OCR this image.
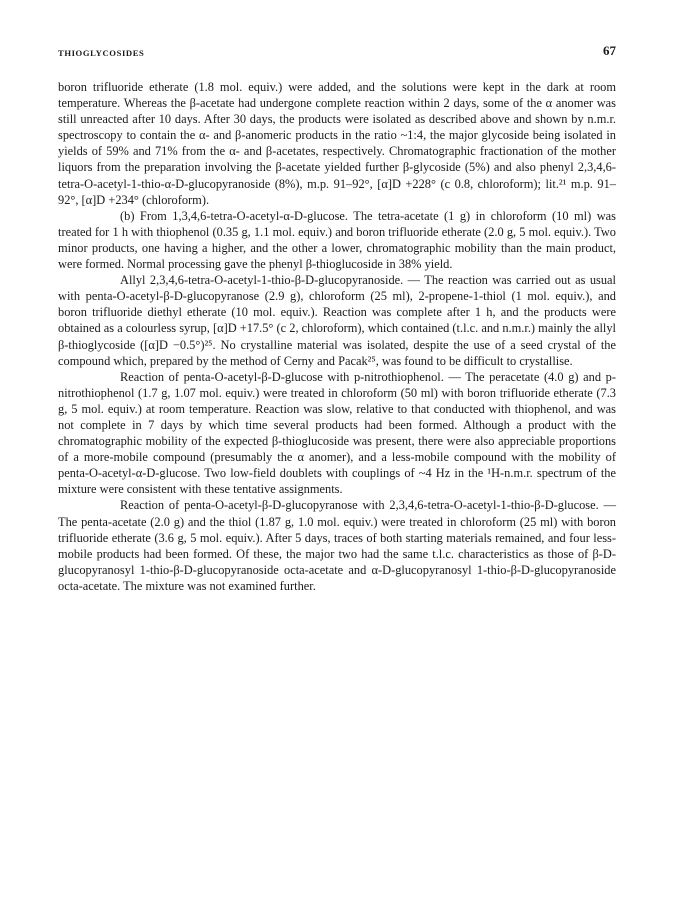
THIOGLYCOSIDES	67

boron trifluoride etherate (1.8 mol. equiv.) were added, and the solutions were kept in the dark at room temperature. Whereas the β-acetate had undergone complete reaction within 2 days, some of the α anomer was still unreacted after 10 days. After 30 days, the products were isolated as described above and shown by n.m.r. spectroscopy to contain the α- and β-anomeric products in the ratio ~1:4, the major glycoside being isolated in yields of 59% and 71% from the α- and β-acetates, respectively. Chromatographic fractionation of the mother liquors from the preparation involving the β-acetate yielded further β-glycoside (5%) and also phenyl 2,3,4,6-tetra-O-acetyl-1-thio-α-D-glucopyranoside (8%), m.p. 91–92°, [α]D +228° (c 0.8, chloroform); lit.²¹ m.p. 91–92°, [α]D +234° (chloroform).

(b) From 1,3,4,6-tetra-O-acetyl-α-D-glucose. The tetra-acetate (1 g) in chloroform (10 ml) was treated for 1 h with thiophenol (0.35 g, 1.1 mol. equiv.) and boron trifluoride etherate (2.0 g, 5 mol. equiv.). Two minor products, one having a higher, and the other a lower, chromatographic mobility than the main product, were formed. Normal processing gave the phenyl β-thioglucoside in 38% yield.

Allyl 2,3,4,6-tetra-O-acetyl-1-thio-β-D-glucopyranoside. — The reaction was carried out as usual with penta-O-acetyl-β-D-glucopyranose (2.9 g), chloroform (25 ml), 2-propene-1-thiol (1 mol. equiv.), and boron trifluoride diethyl etherate (10 mol. equiv.). Reaction was complete after 1 h, and the products were obtained as a colourless syrup, [α]D +17.5° (c 2, chloroform), which contained (t.l.c. and n.m.r.) mainly the allyl β-thioglycoside ([α]D −0.5°)²⁵. No crystalline material was isolated, despite the use of a seed crystal of the compound which, prepared by the method of Cerny and Pacak²⁵, was found to be difficult to crystallise.

Reaction of penta-O-acetyl-β-D-glucose with p-nitrothiophenol. — The peracetate (4.0 g) and p-nitrothiophenol (1.7 g, 1.07 mol. equiv.) were treated in chloroform (50 ml) with boron trifluoride etherate (7.3 g, 5 mol. equiv.) at room temperature. Reaction was slow, relative to that conducted with thiophenol, and was not complete in 7 days by which time several products had been formed. Although a product with the chromatographic mobility of the expected β-thioglucoside was present, there were also appreciable proportions of a more-mobile compound (presumably the α anomer), and a less-mobile compound with the mobility of penta-O-acetyl-α-D-glucose. Two low-field doublets with couplings of ~4 Hz in the ¹H-n.m.r. spectrum of the mixture were consistent with these tentative assignments.

Reaction of penta-O-acetyl-β-D-glucopyranose with 2,3,4,6-tetra-O-acetyl-1-thio-β-D-glucose. — The penta-acetate (2.0 g) and the thiol (1.87 g, 1.0 mol. equiv.) were treated in chloroform (25 ml) with boron trifluoride etherate (3.6 g, 5 mol. equiv.). After 5 days, traces of both starting materials remained, and four less-mobile products had been formed. Of these, the major two had the same t.l.c. characteristics as those of β-D-glucopyranosyl 1-thio-β-D-glucopyranoside octa-acetate and α-D-glucopyranosyl 1-thio-β-D-glucopyranoside octa-acetate. The mixture was not examined further.
